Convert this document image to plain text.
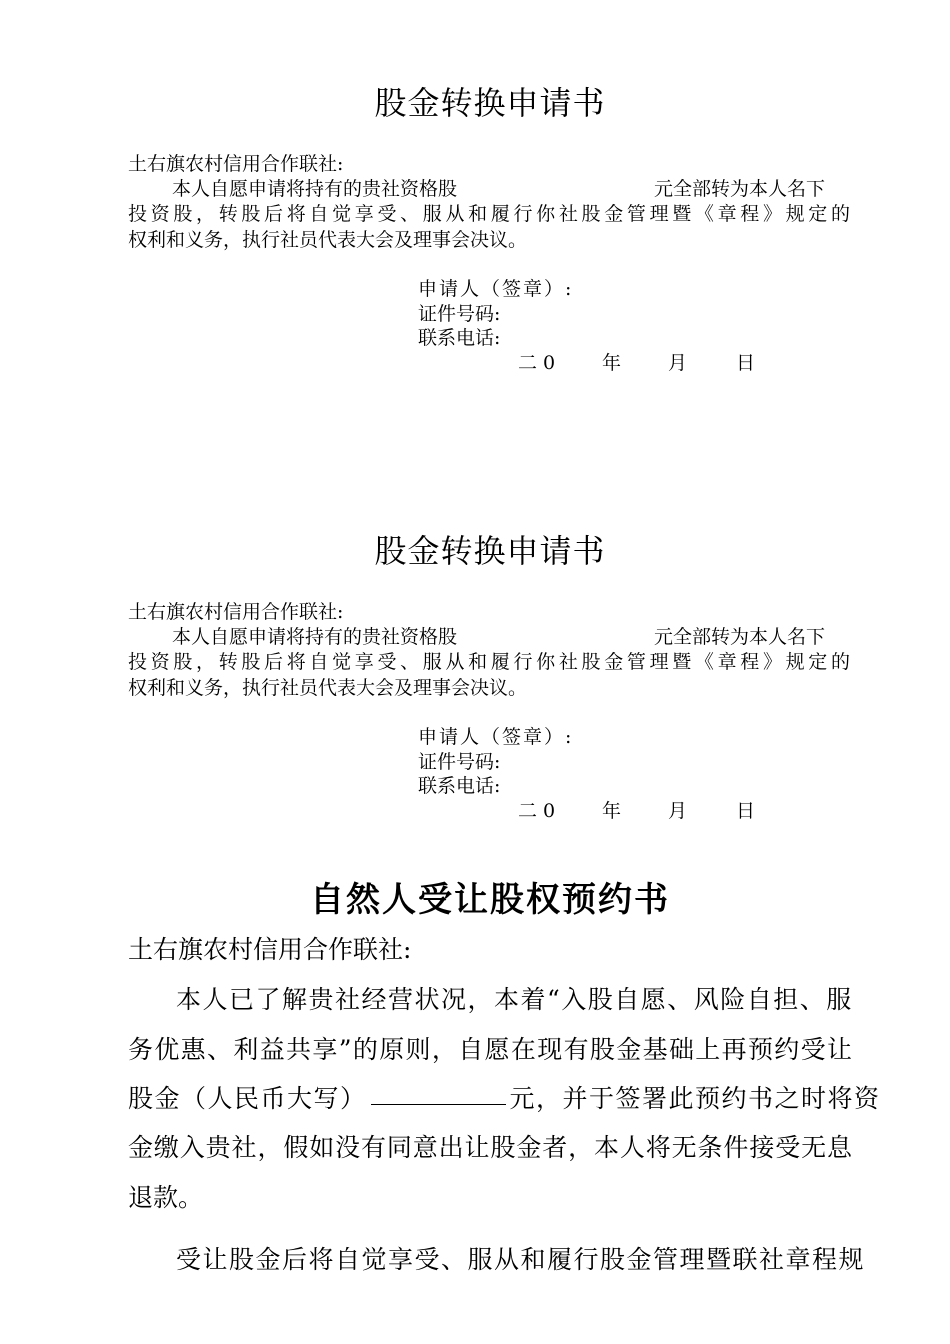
股金转换申请书
土右旗农村信用合作联社:
本人自愿申请将持有的贵社资格股	元全部转为本人名下
投资股，转股后将自觉享受、服从和履行你社股金管理暨《章程》规定的
权利和义务，执行社员代表大会及理事会决议。
申请人（签章）:
证件号码:
联系电话:
二0 年 月	日
股金转换申请书
土右旗农村信用合作联社:
本人自愿申请将持有的贵社资格股	元全部转为本人名下
投资股，转股后将自觉享受、服从和履行你社股金管理暨《章程》规定的
权利和义务，执行社员代表大会及理事会决议。
申请人（签章）:
证件号码:
联系电话:
二0 年 月	日
自然人受让股权预约书
土右旗农村信用合作联社:
本人已了解贵社经营状况，本着“入股自愿、风险自担、服
务优惠、利益共享”的原则，自愿在现有股金基础上再预约受让
股金（人民币大写）	元，并于签署此预约书之时将资
金缴入贵社，假如没有同意出让股金者，本人将无条件接受无息
退款。
受让股金后将自觉享受、服从和履行股金管理暨联社章程规
